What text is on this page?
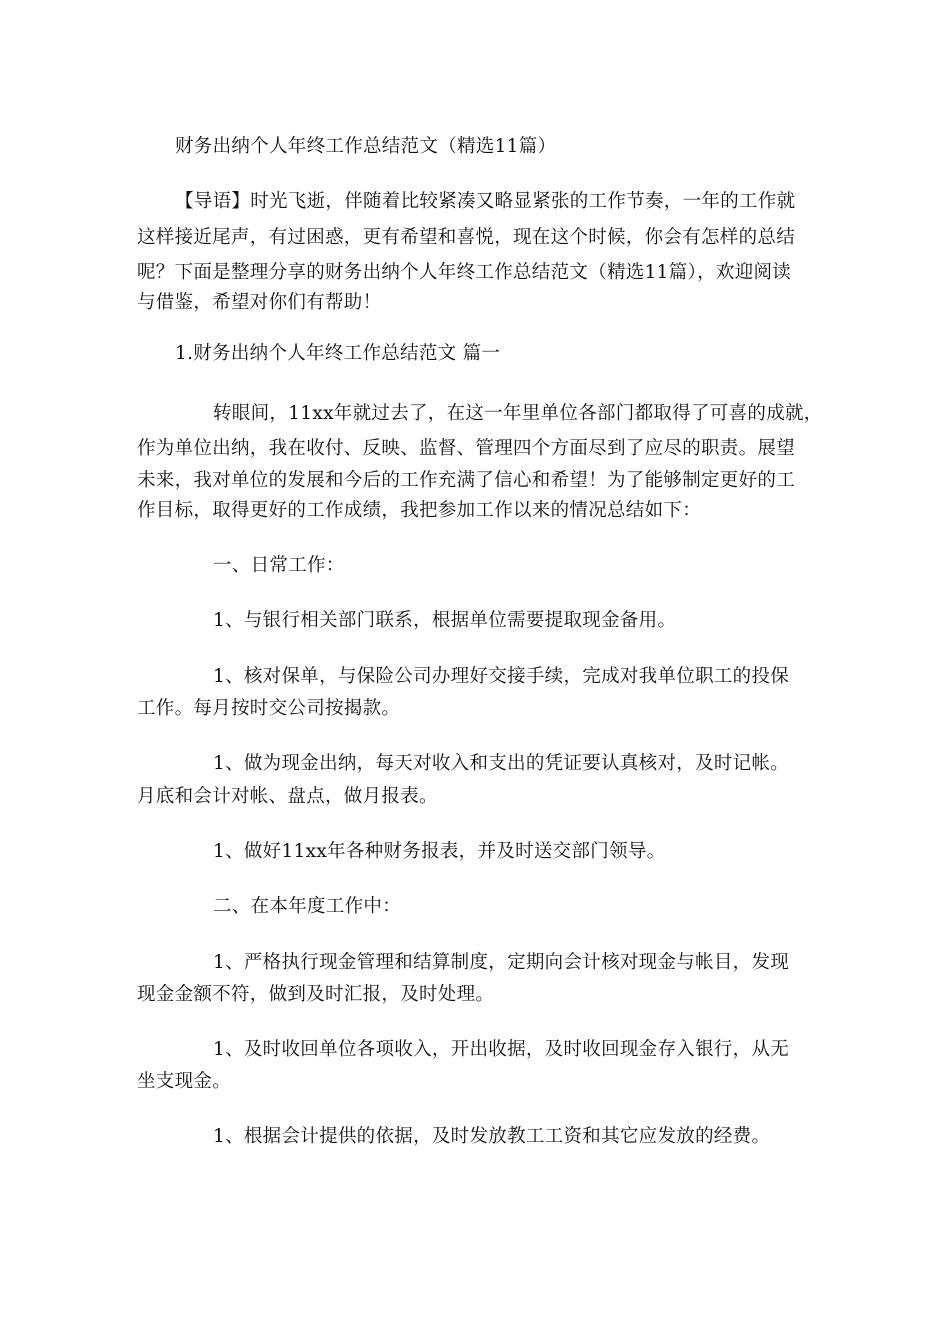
财务出纳个人年终工作总结范文（精选11篇）
【导语】时光飞逝，伴随着比较紧凑又略显紧张的工作节奏，一年的工作就
这样接近尾声，有过困惑，更有希望和喜悦，现在这个时候，你会有怎样的总结
呢？下面是整理分享的财务出纳个人年终工作总结范文（精选11篇），欢迎阅读
与借鉴，希望对你们有帮助！
1.财务出纳个人年终工作总结范文 篇一
转眼间，11xx年就过去了，在这一年里单位各部门都取得了可喜的成就，
作为单位出纳，我在收付、反映、监督、管理四个方面尽到了应尽的职责。展望
未来，我对单位的发展和今后的工作充满了信心和希望！为了能够制定更好的工
作目标，取得更好的工作成绩，我把参加工作以来的情况总结如下：
一、日常工作：
1、与银行相关部门联系，根据单位需要提取现金备用。
1、核对保单，与保险公司办理好交接手续，完成对我单位职工的投保
工作。每月按时交公司按揭款。
1、做为现金出纳，每天对收入和支出的凭证要认真核对，及时记帐。
月底和会计对帐、盘点，做月报表。
1、做好11xx年各种财务报表，并及时送交部门领导。
二、在本年度工作中：
1、严格执行现金管理和结算制度，定期向会计核对现金与帐目，发现
现金金额不符，做到及时汇报，及时处理。
1、及时收回单位各项收入，开出收据，及时收回现金存入银行，从无
坐支现金。
1、根据会计提供的依据，及时发放教工工资和其它应发放的经费。
